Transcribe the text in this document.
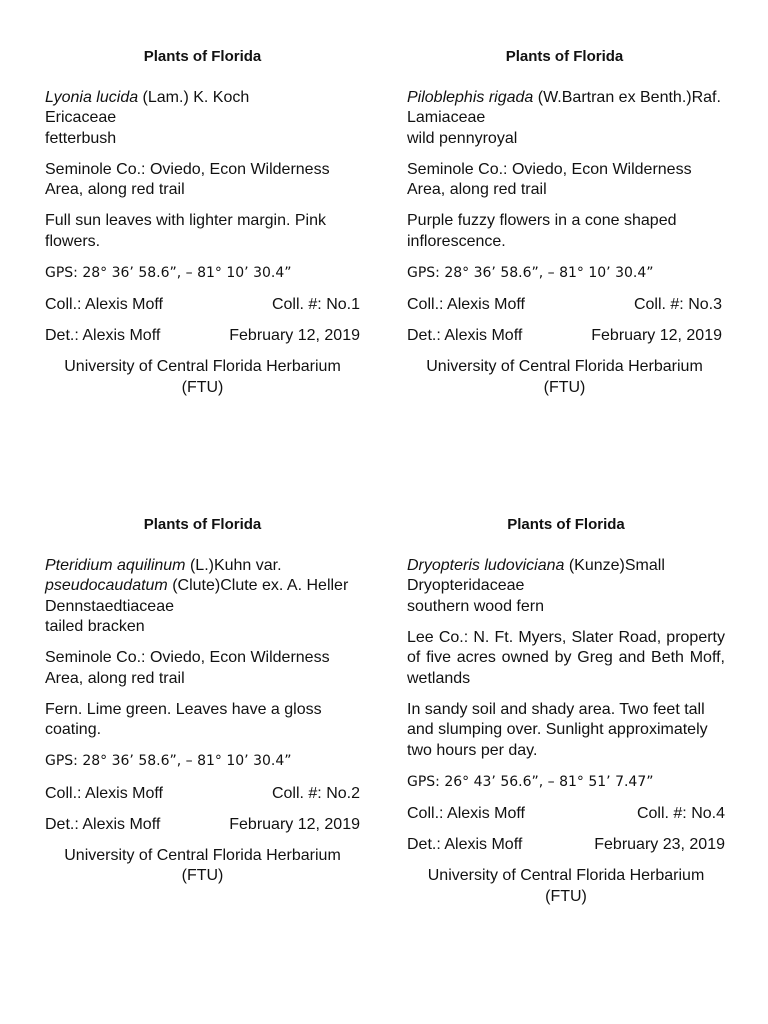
Plants of Florida
Lyonia lucida (Lam.) K. Koch
Ericaceae

fetterbush

Seminole Co.: Oviedo, Econ Wilderness Area, along red trail

Full sun leaves with lighter margin. Pink flowers.

GPS: 28° 36’ 58.6”, – 81° 10’ 30.4”

Coll.: Alexis Moff	Coll. #: No.1
Det.: Alexis Moff	February 12, 2019
University of Central Florida Herbarium (FTU)
Plants of Florida
Piloblephis rigada (W.Bartran ex Benth.)Raf.
Lamiaceae

wild pennyroyal

Seminole Co.: Oviedo, Econ Wilderness Area, along red trail

Purple fuzzy flowers in a cone shaped inflorescence.

GPS: 28° 36’ 58.6”, – 81° 10’ 30.4”

Coll.: Alexis Moff	Coll. #: No.3
Det.: Alexis Moff	February 12, 2019
University of Central Florida Herbarium (FTU)
Plants of Florida
Pteridium aquilinum (L.)Kuhn var.
pseudocaudatum (Clute)Clute ex. A. Heller
Dennstaedtiaceae

tailed bracken

Seminole Co.: Oviedo, Econ Wilderness Area, along red trail

Fern. Lime green. Leaves have a gloss coating.

GPS: 28° 36’ 58.6”, – 81° 10’ 30.4”

Coll.: Alexis Moff	Coll. #: No.2
Det.: Alexis Moff	February 12, 2019
University of Central Florida Herbarium (FTU)
Plants of Florida
Dryopteris ludoviciana (Kunze)Small
Dryopteridaceae

southern wood fern

Lee Co.: N. Ft. Myers, Slater Road, property of five acres owned by Greg and Beth Moff, wetlands

In sandy soil and shady area. Two feet tall and slumping over. Sunlight approximately two hours per day.

GPS: 26° 43’ 56.6”, – 81° 51’ 7.47”

Coll.: Alexis Moff	Coll. #: No.4
Det.: Alexis Moff	February 23, 2019
University of Central Florida Herbarium (FTU)
